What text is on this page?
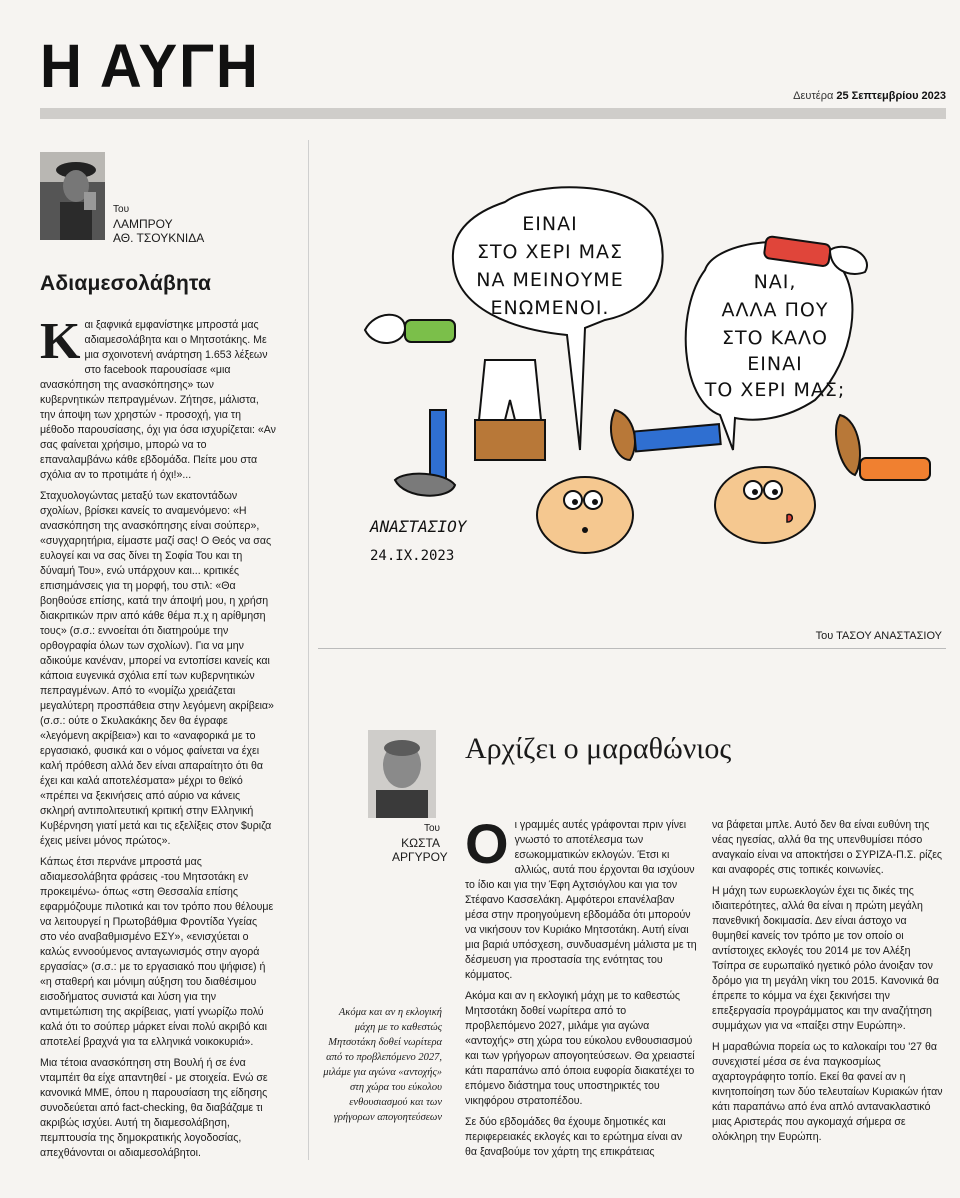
Η ΑΥΓΗ	Δευτέρα 25 Σεπτεμβρίου 2023
Του
ΛΑΜΠΡΟΥ
ΑΘ. ΤΣΟΥΚΝΙΔΑ
Αδιαμεσολάβητα

Και ξαφνικά εμφανίστηκε μπροστά μας αδιαμεσολάβητα και ο Μητσοτάκης. Με μια σχοινοτενή ανάρτηση 1.653 λέξεων στο facebook παρουσίασε «μια ανασκόπηση της ανασκόπησης» των κυβερνητικών πεπραγμένων. Ζήτησε, μάλιστα, την άποψη των χρηστών - προσοχή, για τη μέθοδο παρουσίασης, όχι για όσα ισχυρίζεται: «Αν σας φαίνεται χρήσιμο, μπορώ να το επαναλαμβάνω κάθε εβδομάδα. Πείτε μου στα σχόλια αν το προτιμάτε ή όχι!»...

Σταχυολογώντας μεταξύ των εκατοντάδων σχολίων, βρίσκει κανείς το αναμενόμενο: «Η ανασκόπηση της ανασκόπησης είναι σούπερ», «συγχαρητήρια, είμαστε μαζί σας! Ο Θεός να σας ευλογεί και να σας δίνει τη Σοφία Του και τη δύναμή Του», ενώ υπάρχουν και... κριτικές επισημάνσεις για τη μορφή, του στιλ: «Θα βοηθούσε επίσης, κατά την άποψή μου, η χρήση διακριτικών πριν από κάθε θέμα π.χ η αρίθμηση τους» (σ.σ.: εννοείται ότι διατηρούμε την ορθογραφία όλων των σχολίων). Για να μην αδικούμε κανέναν, μπορεί να εντοπίσει κανείς και κάποια ευγενικά σχόλια επί των κυβερνητικών πεπραγμένων. Από το «νομίζω χρειάζεται μεγαλύτερη προσπάθεια στην λεγόμενη ακρίβεια» (σ.σ.: ούτε ο Σκυλακάκης δεν θα έγραφε «λεγόμενη ακρίβεια») και το «αναφορικά με το εργασιακό, φυσικά και ο νόμος φαίνεται να έχει καλή πρόθεση αλλά δεν είναι απαραίτητο ότι θα έχει και καλά αποτελέσματα» μέχρι το θεϊκό «πρέπει να ξεκινήσεις από αύριο να κάνεις σκληρή αντιπολιτευτική κριτική στην Ελληνική Κυβέρνηση γιατί μετά και τις εξελίξεις στον $υριζα έχεις μείνει μόνος πρώτος».

Κάπως έτσι περνάνε μπροστά μας αδιαμεσολάβητα φράσεις -του Μητσοτάκη εν προκειμένω- όπως «στη Θεσσαλία επίσης εφαρμόζουμε πιλοτικά και τον τρόπο που θέλουμε να λειτουργεί η Πρωτοβάθμια Φροντίδα Υγείας στο νέο αναβαθμισμένο ΕΣΥ», «ενισχύεται ο καλώς εννοούμενος ανταγωνισμός στην αγορά εργασίας» (σ.σ.: με το εργασιακό που ψήφισε) ή «η σταθερή και μόνιμη αύξηση του διαθέσιμου εισοδήματος συνιστά και λύση για την αντιμετώπιση της ακρίβειας, γιατί γνωρίζω πολύ καλά ότι το σούπερ μάρκετ είναι πολύ ακριβό και αποτελεί βραχνά για τα ελληνικά νοικοκυριά».

Μια τέτοια ανασκόπηση στη Βουλή ή σε ένα νταμπέιτ θα είχε απαντηθεί - με στοιχεία. Ενώ σε κανονικά ΜΜΕ, όπου η παρουσίαση της είδησης συνοδεύεται από fact-checking, θα διαβάζαμε τι ακριβώς ισχύει. Αυτή τη διαμεσολάβηση, πεμπτουσία της δημοκρατικής λογοδοσίας, απεχθάνονται οι αδιαμεσολάβητοι.

ΕΙΝΑΙ
ΣΤΟ ΧΕΡΙ ΜΑΣ
ΝΑ ΜΕΙΝΟΥΜΕ
ΕΝΩΜΕΝΟΙ.
ΝΑΙ,
ΑΛΛΑ ΠΟΥ
ΣΤΟ ΚΑΛΟ
ΕΙΝΑΙ
ΤΟ ΧΕΡΙ ΜΑΣ;
ΑΝΑΣΤΑΣΙΟΥ
24.IX.2023
Του ΤΑΣΟΥ ΑΝΑΣΤΑΣΙΟΥ
Του
ΚΩΣΤΑ
ΑΡΓΥΡΟΥ
Αρχίζει ο μαραθώνιος
Ακόμα και αν η εκλογική μάχη με το καθεστώς Μητσοτάκη δοθεί νωρίτερα από το προβλεπόμενο 2027, μιλάμε για αγώνα «αντοχής» στη χώρα του εύκολου ενθουσιασμού και των γρήγορων απογοητεύσεων

Οι γραμμές αυτές γράφονται πριν γίνει γνωστό το αποτέλεσμα των εσωκομματικών εκλογών. Έτσι κι αλλιώς, αυτά που έρχονται θα ισχύουν το ίδιο και για την Έφη Αχτσιόγλου και για τον Στέφανο Κασσελάκη. Αμφότεροι επανέλαβαν μέσα στην προηγούμενη εβδομάδα ότι μπορούν να νικήσουν τον Κυριάκο Μητσοτάκη. Αυτή είναι μια βαριά υπόσχεση, συνδυασμένη μάλιστα με τη δέσμευση για προστασία της ενότητας του κόμματος.

Ακόμα και αν η εκλογική μάχη με το καθεστώς Μητσοτάκη δοθεί νωρίτερα από το προβλεπόμενο 2027, μιλάμε για αγώνα «αντοχής» στη χώρα του εύκολου ενθουσιασμού και των γρήγορων απογοητεύσεων. Θα χρειαστεί κάτι παραπάνω από όποια ευφορία διακατέχει το επόμενο διάστημα τους υποστηρικτές του νικηφόρου στρατοπέδου.

Σε δύο εβδομάδες θα έχουμε δημοτικές και περιφερειακές εκλογές και το ερώτημα είναι αν θα ξαναβούμε τον χάρτη της επικράτειας

να βάφεται μπλε. Αυτό δεν θα είναι ευθύνη της νέας ηγεσίας, αλλά θα της υπενθυμίσει πόσο αναγκαίο είναι να αποκτήσει ο ΣΥΡΙΖΑ-Π.Σ. ρίζες και αναφορές στις τοπικές κοινωνίες.

Η μάχη των ευρωεκλογών έχει τις δικές της ιδιαιτερότητες, αλλά θα είναι η πρώτη μεγάλη πανεθνική δοκιμασία. Δεν είναι άστοχο να θυμηθεί κανείς τον τρόπο με τον οποίο οι αντίστοιχες εκλογές του 2014 με τον Αλέξη Τσίπρα σε ευρωπαϊκό ηγετικό ρόλο άνοιξαν τον δρόμο για τη μεγάλη νίκη του 2015. Κανονικά θα έπρεπε το κόμμα να έχει ξεκινήσει την επεξεργασία προγράμματος και την αναζήτηση συμμάχων για να «παίξει στην Ευρώπη».

Η μαραθώνια πορεία ως το καλοκαίρι του '27 θα συνεχιστεί μέσα σε ένα παγκοσμίως αχαρτογράφητο τοπίο. Εκεί θα φανεί αν η κινητοποίηση των δύο τελευταίων Κυριακών ήταν κάτι παραπάνω από ένα απλό αντανακλαστικό μιας Αριστεράς που αγκομαχά σήμερα σε ολόκληρη την Ευρώπη.
